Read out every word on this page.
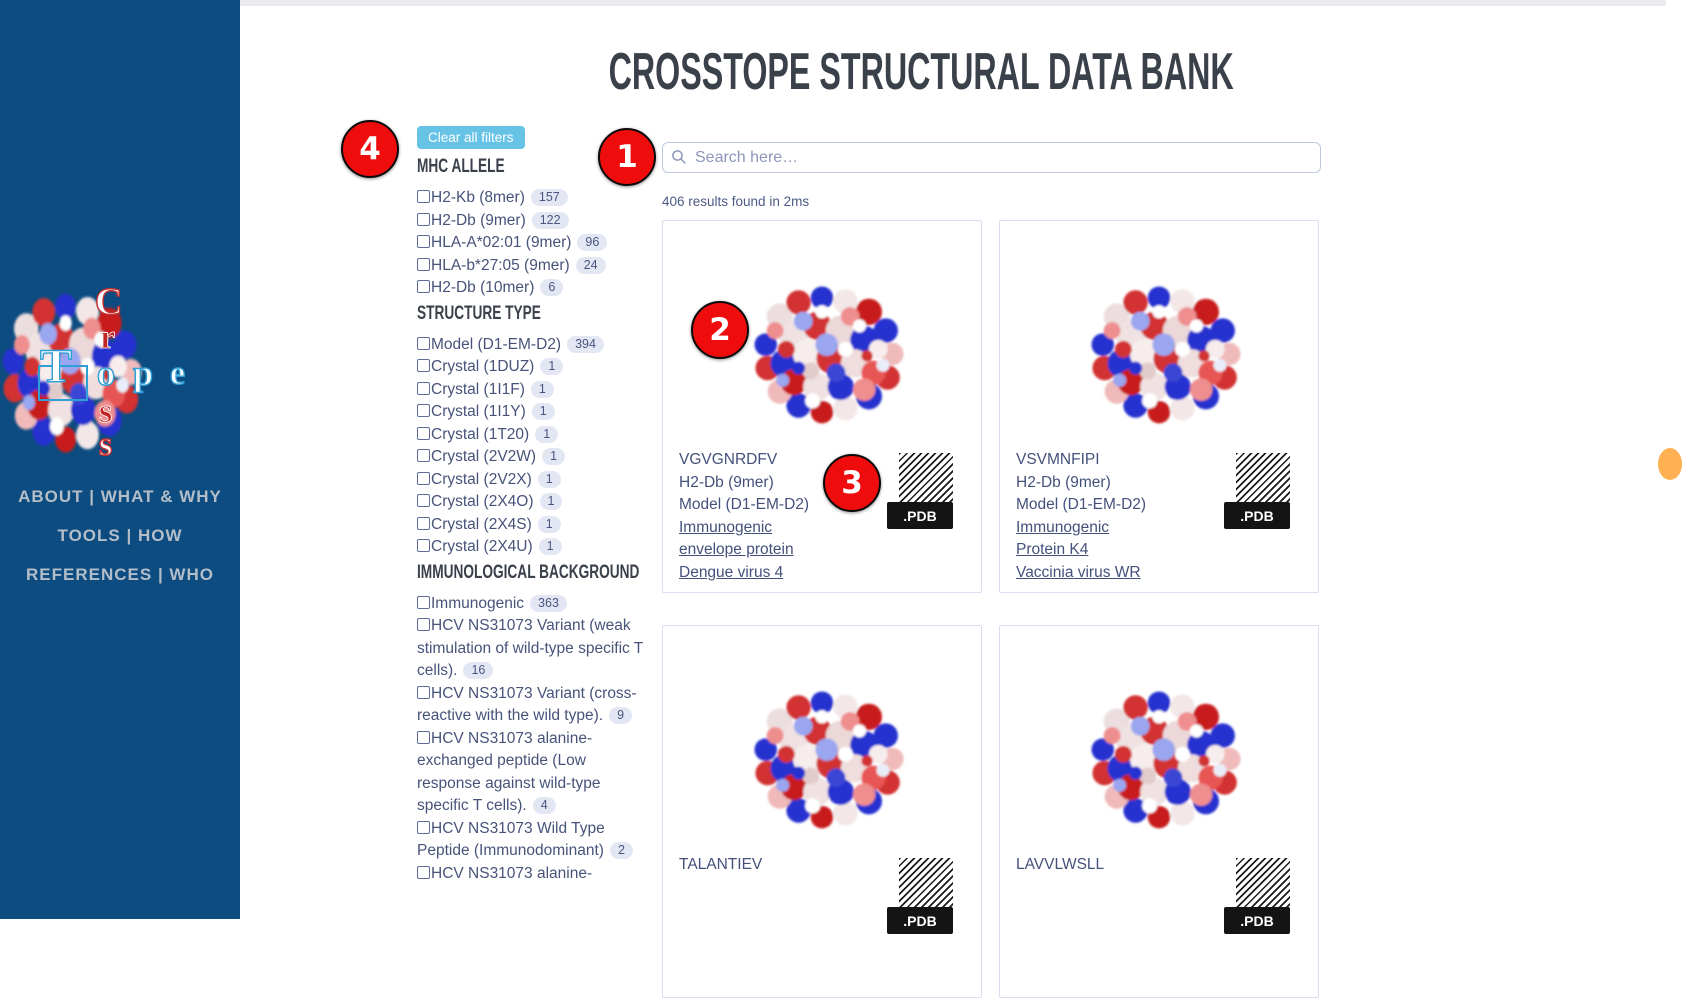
C
r
T o p e
s
s
ABOUT | WHAT & WHY
TOOLS | HOW
REFERENCES | WHO
CROSSTOPE STRUCTURAL DATA BANK
Clear all filters
MHC ALLELE
H2-Kb (8mer) 157
H2-Db (9mer) 122
HLA-A*02:01 (9mer) 96
HLA-b*27:05 (9mer) 24
H2-Db (10mer) 6
STRUCTURE TYPE
Model (D1-EM-D2) 394
Crystal (1DUZ) 1
Crystal (1I1F) 1
Crystal (1I1Y) 1
Crystal (1T20) 1
Crystal (2V2W) 1
Crystal (2V2X) 1
Crystal (2X4O) 1
Crystal (2X4S) 1
Crystal (2X4U) 1
IMMUNOLOGICAL BACKGROUND
Immunogenic 363
HCV NS31073 Variant (weak stimulation of wild-type specific T cells). 16
HCV NS31073 Variant (cross-reactive with the wild type). 9
HCV NS31073 alanine-exchanged peptide (Low response against wild-type specific T cells). 4
HCV NS31073 Wild Type Peptide (Immunodominant) 2
HCV NS31073 alanine-
Search here…
406 results found in 2ms
VGVGNRDFV
H2-Db (9mer)
Model (D1-EM-D2)
Immunogenic
envelope protein
Dengue virus 4
.PDB
VSVMNFIPI
H2-Db (9mer)
Model (D1-EM-D2)
Immunogenic
Protein K4
Vaccinia virus WR
.PDB
TALANTIEV
.PDB
LAVVLWSLL
.PDB
1
2
3
4
